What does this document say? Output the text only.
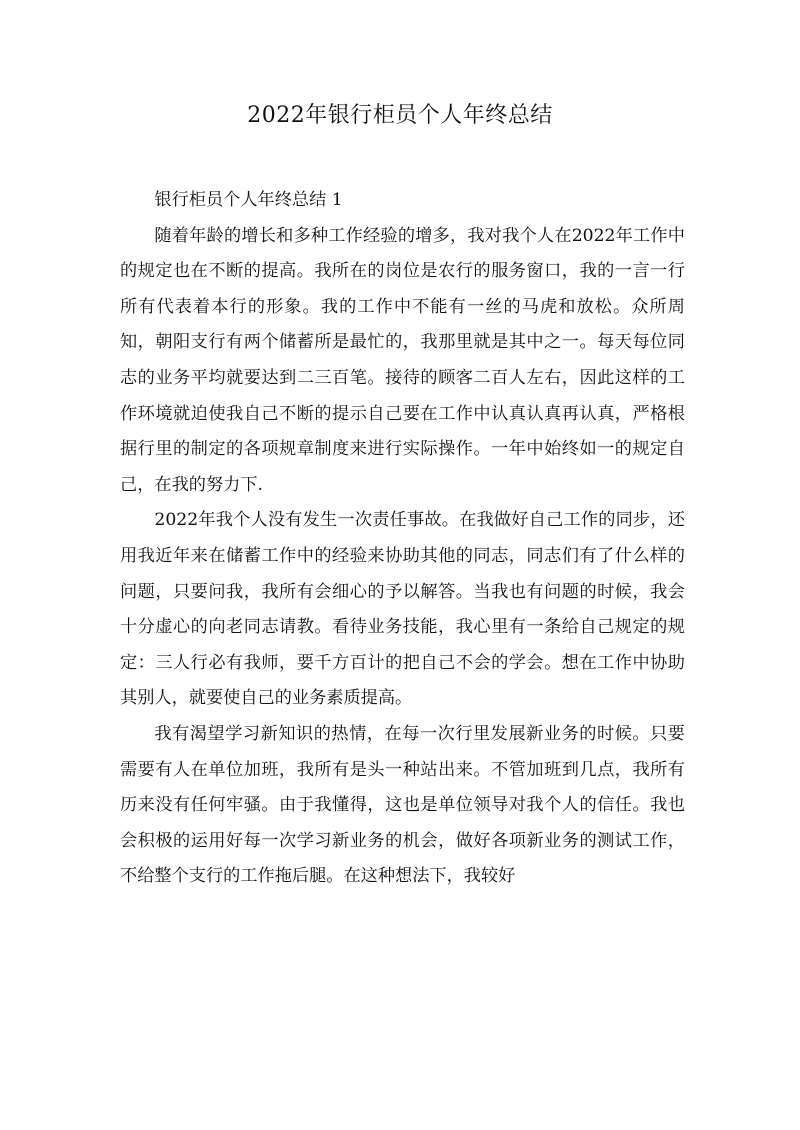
2022年银行柜员个人年终总结

银行柜员个人年终总结 1

随着年龄的增长和多种工作经验的增多，我对我个人在2022年工作中的规定也在不断的提高。我所在的岗位是农行的服务窗口，我的一言一行所有代表着本行的形象。我的工作中不能有一丝的马虎和放松。众所周知，朝阳支行有两个储蓄所是最忙的，我那里就是其中之一。每天每位同志的业务平均就要达到二三百笔。接待的顾客二百人左右，因此这样的工作环境就迫使我自己不断的提示自己要在工作中认真认真再认真，严格根据行里的制定的各项规章制度来进行实际操作。一年中始终如一的规定自己，在我的努力下.

2022年我个人没有发生一次责任事故。在我做好自己工作的同步，还用我近年来在储蓄工作中的经验来协助其他的同志，同志们有了什么样的问题，只要问我，我所有会细心的予以解答。当我也有问题的时候，我会十分虚心的向老同志请教。看待业务技能，我心里有一条给自己规定的规定：三人行必有我师，要千方百计的把自己不会的学会。想在工作中协助其别人，就要使自己的业务素质提高。

我有渴望学习新知识的热情，在每一次行里发展新业务的时候。只要需要有人在单位加班，我所有是头一种站出来。不管加班到几点，我所有历来没有任何牢骚。由于我懂得，这也是单位领导对我个人的信任。我也会积极的运用好每一次学习新业务的机会，做好各项新业务的测试工作，不给整个支行的工作拖后腿。在这种想法下，我较好
